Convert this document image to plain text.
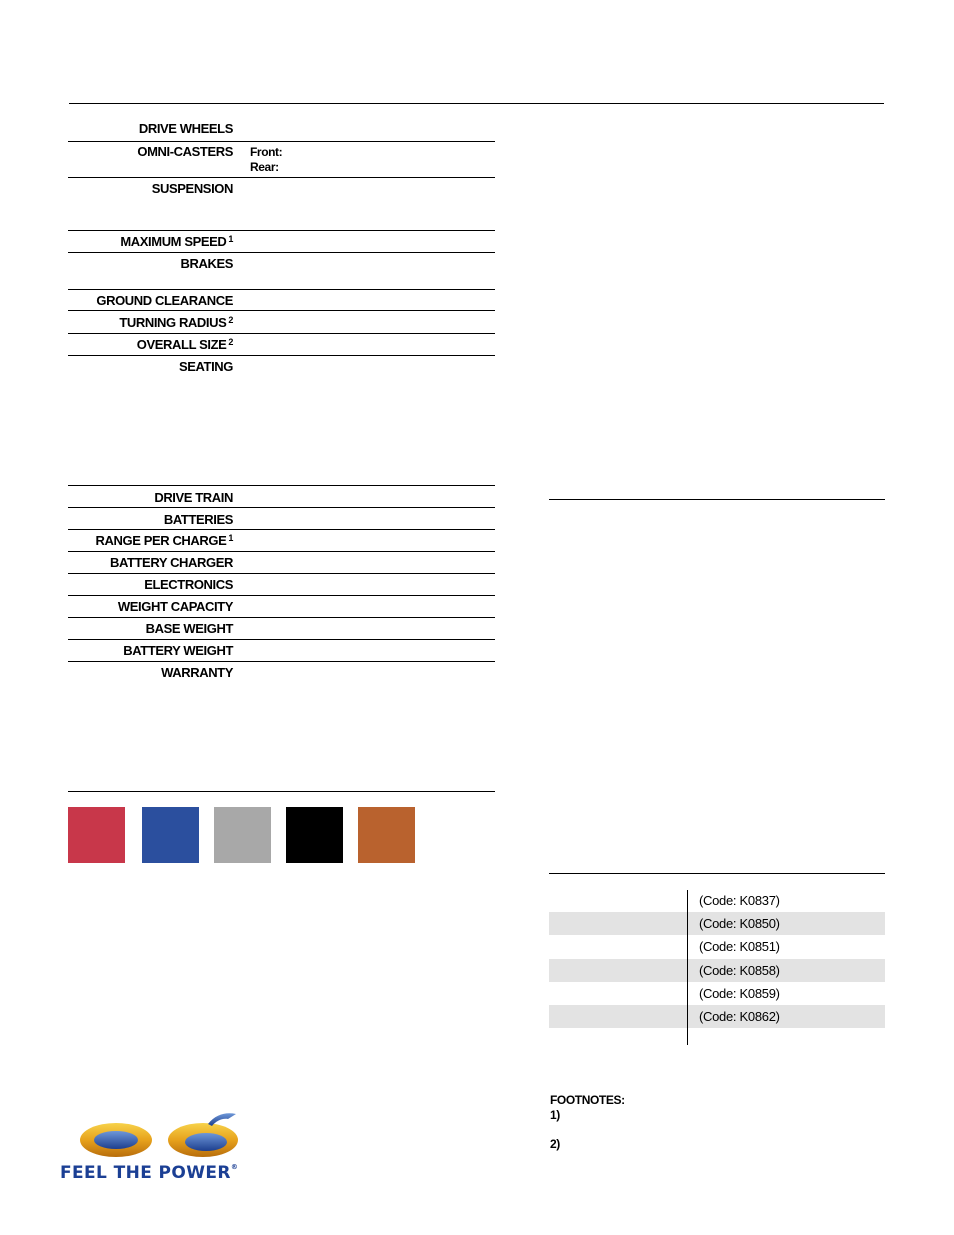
DRIVE WHEELS
OMNI-CASTERS Front:
Rear:
SUSPENSION
MAXIMUM SPEED $^1$
BRAKES
GROUND CLEARANCE
TURNING RADIUS $^2$
OVERALL SIZE $^2$
SEATING
DRIVE TRAIN
BATTERIES
RANGE PER CHARGE $^1$
BATTERY CHARGER
ELECTRONICS
WEIGHT CAPACITY
BASE WEIGHT
BATTERY WEIGHT
WARRANTY
(Code: K0837)
(Code: K0850)
(Code: K0851)
(Code: K0858)
(Code: K0859)
(Code: K0862)
FOOTNOTES:
1)
2)
FEEL THE POWER®
